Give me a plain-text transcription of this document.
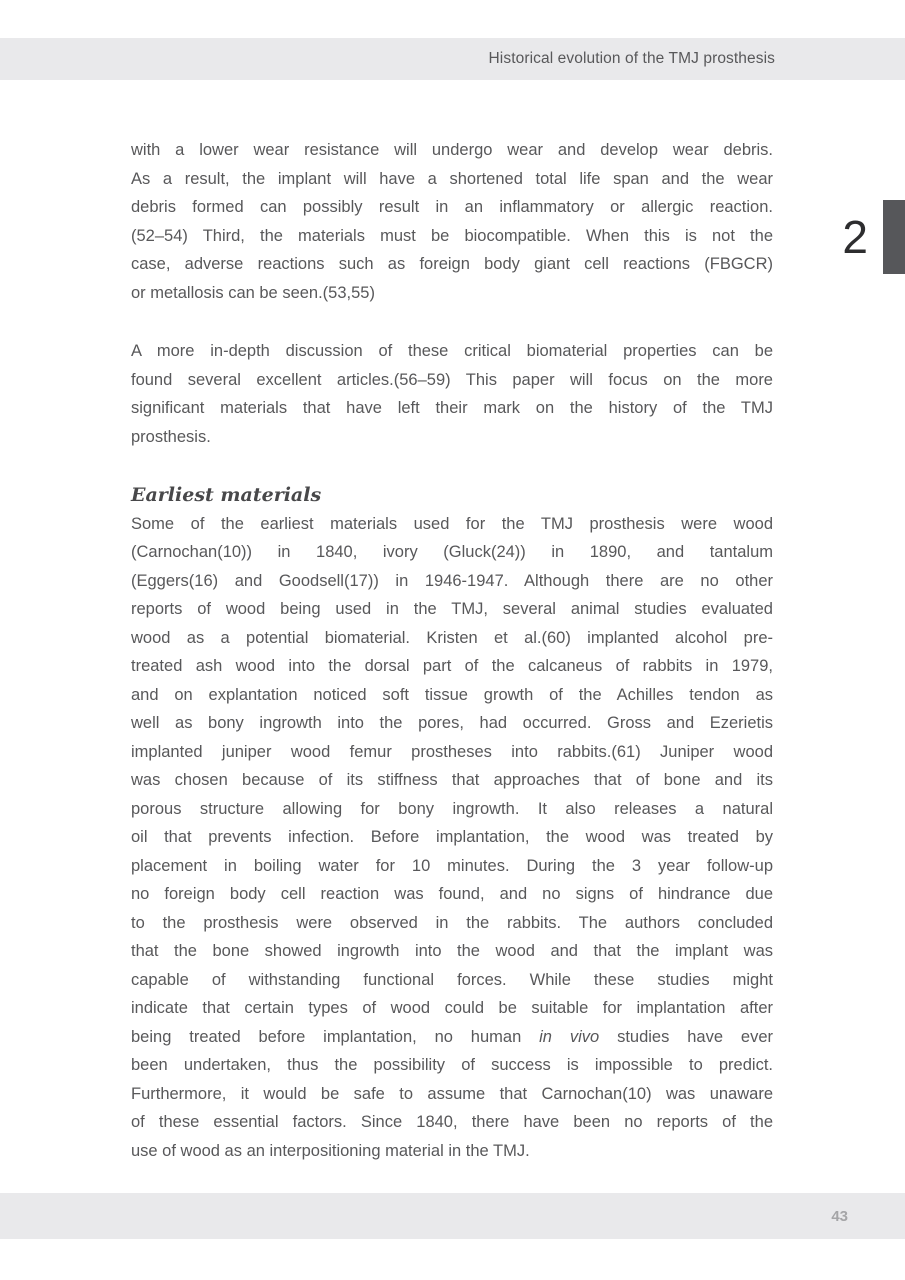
Historical evolution of the TMJ prosthesis
2
with a lower wear resistance will undergo wear and develop wear debris.
As a result, the implant will have a shortened total life span and the wear
debris formed can possibly result in an inflammatory or allergic reaction.
(52–54) Third, the materials must be biocompatible. When this is not the
case, adverse reactions such as foreign body giant cell reactions (FBGCR)
or metallosis can be seen.(53,55)
A more in-depth discussion of these critical biomaterial properties can be
found several excellent articles.(56–59) This paper will focus on the more
significant materials that have left their mark on the history of the TMJ
prosthesis.
Earliest materials
Some of the earliest materials used for the TMJ prosthesis were wood
(Carnochan(10)) in 1840, ivory (Gluck(24)) in 1890, and tantalum
(Eggers(16) and Goodsell(17)) in 1946-1947. Although there are no other
reports of wood being used in the TMJ, several animal studies evaluated
wood as a potential biomaterial. Kristen et al.(60) implanted alcohol pre-
treated ash wood into the dorsal part of the calcaneus of rabbits in 1979,
and on explantation noticed soft tissue growth of the Achilles tendon as
well as bony ingrowth into the pores, had occurred. Gross and Ezerietis
implanted juniper wood femur prostheses into rabbits.(61) Juniper wood
was chosen because of its stiffness that approaches that of bone and its
porous structure allowing for bony ingrowth. It also releases a natural
oil that prevents infection. Before implantation, the wood was treated by
placement in boiling water for 10 minutes. During the 3 year follow-up
no foreign body cell reaction was found, and no signs of hindrance due
to the prosthesis were observed in the rabbits. The authors concluded
that the bone showed ingrowth into the wood and that the implant was
capable of withstanding functional forces. While these studies might
indicate that certain types of wood could be suitable for implantation after
being treated before implantation, no human in vivo studies have ever
been undertaken, thus the possibility of success is impossible to predict.
Furthermore, it would be safe to assume that Carnochan(10) was unaware
of these essential factors. Since 1840, there have been no reports of the
use of wood as an interpositioning material in the TMJ.
43
